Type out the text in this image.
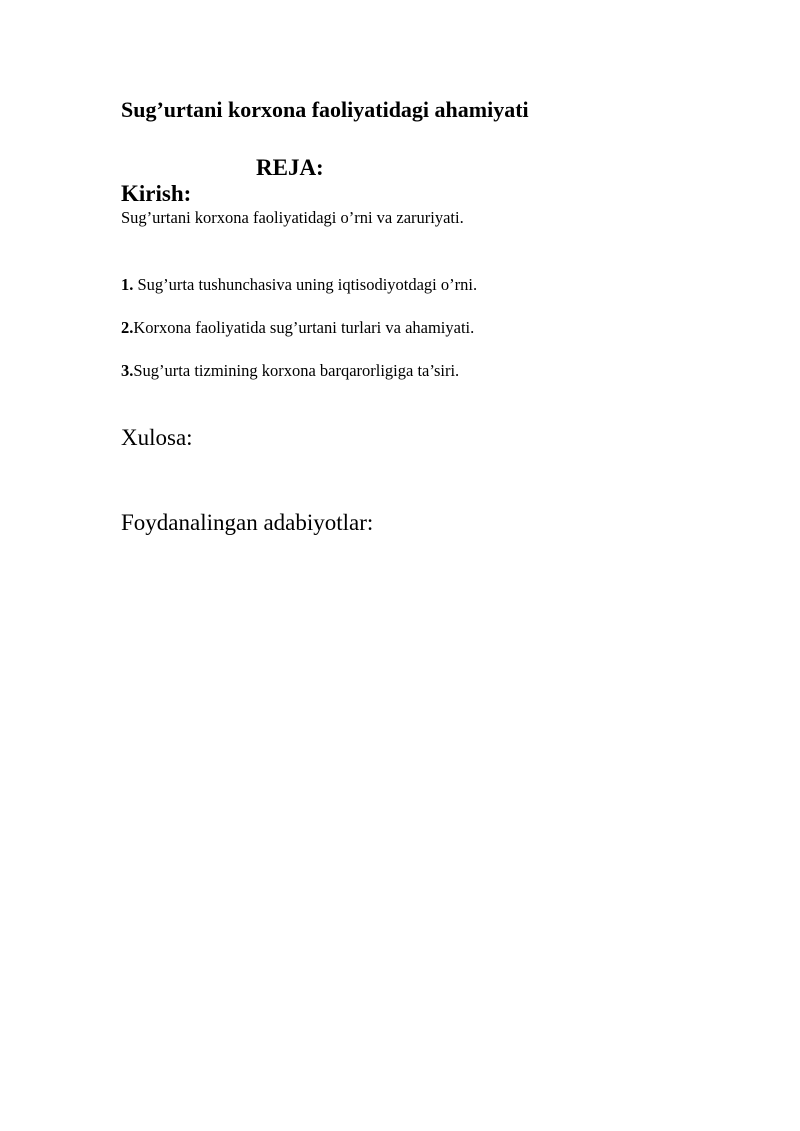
Sug’urtani korxona faoliyatidagi ahamiyati
REJA:
Kirish:
Sug’urtani korxona faoliyatidagi o’rni va zaruriyati.
1. Sug’urta tushunchasiva uning iqtisodiyotdagi o’rni.
2.Korxona faoliyatida sug’urtani turlari va ahamiyati.
3.Sug’urta tizmining korxona barqarorligiga ta’siri.
Xulosa:
Foydanalingan adabiyotlar:
